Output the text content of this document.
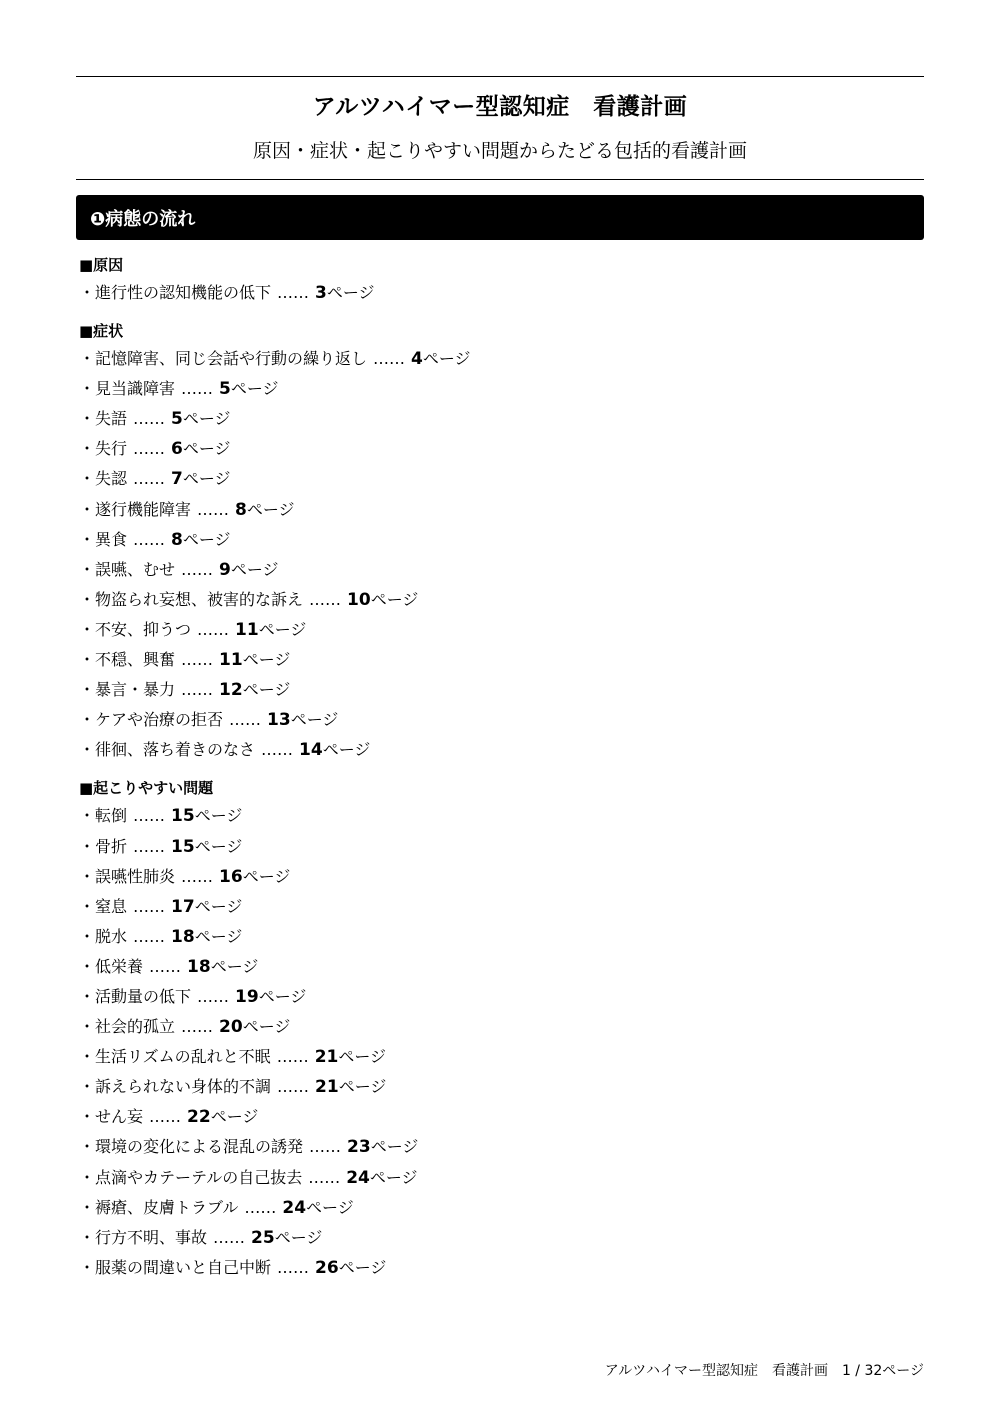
アルツハイマー型認知症　看護計画
原因・症状・起こりやすい問題からたどる包括的看護計画
❶病態の流れ
■原因
・進行性の認知機能の低下 …… 3ページ
■症状
・記憶障害、同じ会話や行動の繰り返し …… 4ページ
・見当識障害 …… 5ページ
・失語 …… 5ページ
・失行 …… 6ページ
・失認 …… 7ページ
・遂行機能障害 …… 8ページ
・異食 …… 8ページ
・誤嚥、むせ …… 9ページ
・物盗られ妄想、被害的な訴え …… 10ページ
・不安、抑うつ …… 11ページ
・不穏、興奮 …… 11ページ
・暴言・暴力 …… 12ページ
・ケアや治療の拒否 …… 13ページ
・徘徊、落ち着きのなさ …… 14ページ
■起こりやすい問題
・転倒 …… 15ページ
・骨折 …… 15ページ
・誤嚥性肺炎 …… 16ページ
・窒息 …… 17ページ
・脱水 …… 18ページ
・低栄養 …… 18ページ
・活動量の低下 …… 19ページ
・社会的孤立 …… 20ページ
・生活リズムの乱れと不眠 …… 21ページ
・訴えられない身体的不調 …… 21ページ
・せん妄 …… 22ページ
・環境の変化による混乱の誘発 …… 23ページ
・点滴やカテーテルの自己抜去 …… 24ページ
・褥瘡、皮膚トラブル …… 24ページ
・行方不明、事故 …… 25ページ
・服薬の間違いと自己中断 …… 26ページ
アルツハイマー型認知症　看護計画　1 / 32ページ
